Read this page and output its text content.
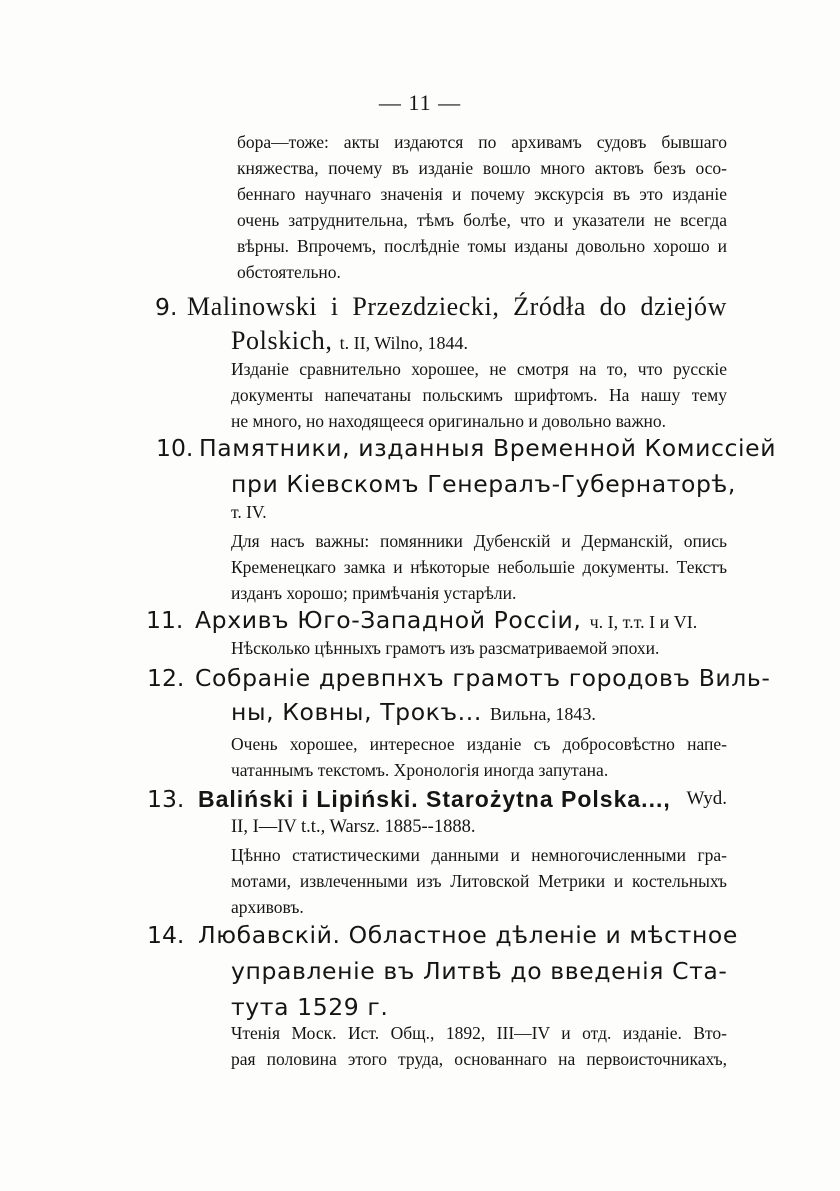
— 11 —
бора—тоже: акты издаются по архивамъ судовъ бывшаго
княжества, почему въ изданіе вошло много актовъ безъ осо-
беннаго научнаго значенія и почему экскурсія въ это изданіе
очень затруднительна, тѣмъ болѣе, что и указатели не всегда
вѣрны. Впрочемъ, послѣдніе томы изданы довольно хорошо и
обстоятельно.
9. Malinowski i Przezdziecki, Źródła do dziejów
Polskich, t. II, Wilno, 1844.
Изданіе сравнительно хорошее, не смотря на то, что русскіе
документы напечатаны польскимъ шрифтомъ. На нашу тему
не много, но находящееся оригинально и довольно важно.
10. Памятники, изданныя Временной Комиссіей
при Кіевскомъ Генералъ-Губернаторѣ,
т. IV.
Для насъ важны: помянники Дубенскій и Дерманскій, опись
Кременецкаго замка и нѣкоторые небольшіе документы. Текстъ
изданъ хорошо; примѣчанія устарѣли.
11. Архивъ Юго-Западной Россіи, ч. I, т.т. I и VI.
Нѣсколько цѣнныхъ грамотъ изъ разсматриваемой эпохи.
12. Собраніе древпнхъ грамотъ городовъ Виль-
ны, Ковны, Трокъ... Вильна, 1843.
Очень хорошее, интересное изданіе съ добросовѣстно напе-
чатаннымъ текстомъ. Хронологія иногда запутана.
13. Baliński i Lipiński. Starożytna Polska..., Wyd.
II, I—IV t.t., Warsz. 1885--1888.
Цѣнно статистическими данными и немногочисленными гра-
мотами, извлеченными изъ Литовской Метрики и костельныхъ
архивовъ.
14. Любавскій. Областное дѣленіе и мѣстное
управленіе въ Литвѣ до введенія Ста-
тута 1529 г.
Чтенія Моск. Ист. Общ., 1892, III—IV и отд. изданіе. Вто-
рая половина этого труда, основаннаго на первоисточникахъ,
